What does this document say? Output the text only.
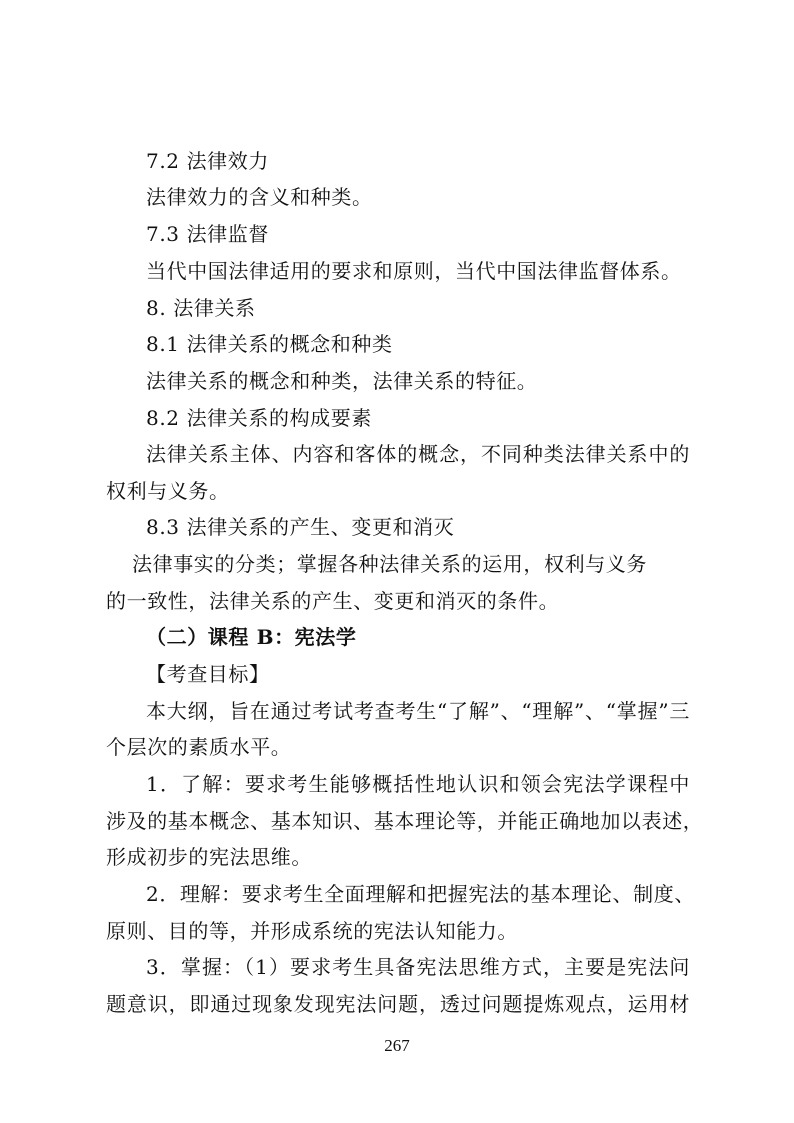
7.2 法律效力
法律效力的含义和种类。
7.3 法律监督
当代中国法律适用的要求和原则，当代中国法律监督体系。
8. 法律关系
8.1 法律关系的概念和种类
法律关系的概念和种类，法律关系的特征。
8.2 法律关系的构成要素
法律关系主体、内容和客体的概念，不同种类法律关系中的
权利与义务。
8.3 法律关系的产生、变更和消灭
法律事实的分类；掌握各种法律关系的运用，权利与义务
的一致性，法律关系的产生、变更和消灭的条件。
（二）课程 B：宪法学
【考查目标】
本大纲，旨在通过考试考查考生“了解”、“理解”、“掌握”三
个层次的素质水平。
1．了解：要求考生能够概括性地认识和领会宪法学课程中
涉及的基本概念、基本知识、基本理论等，并能正确地加以表述，
形成初步的宪法思维。
2．理解：要求考生全面理解和把握宪法的基本理论、制度、
原则、目的等，并形成系统的宪法认知能力。
3．掌握：（1）要求考生具备宪法思维方式，主要是宪法问
题意识，即通过现象发现宪法问题，透过问题提炼观点，运用材
267
